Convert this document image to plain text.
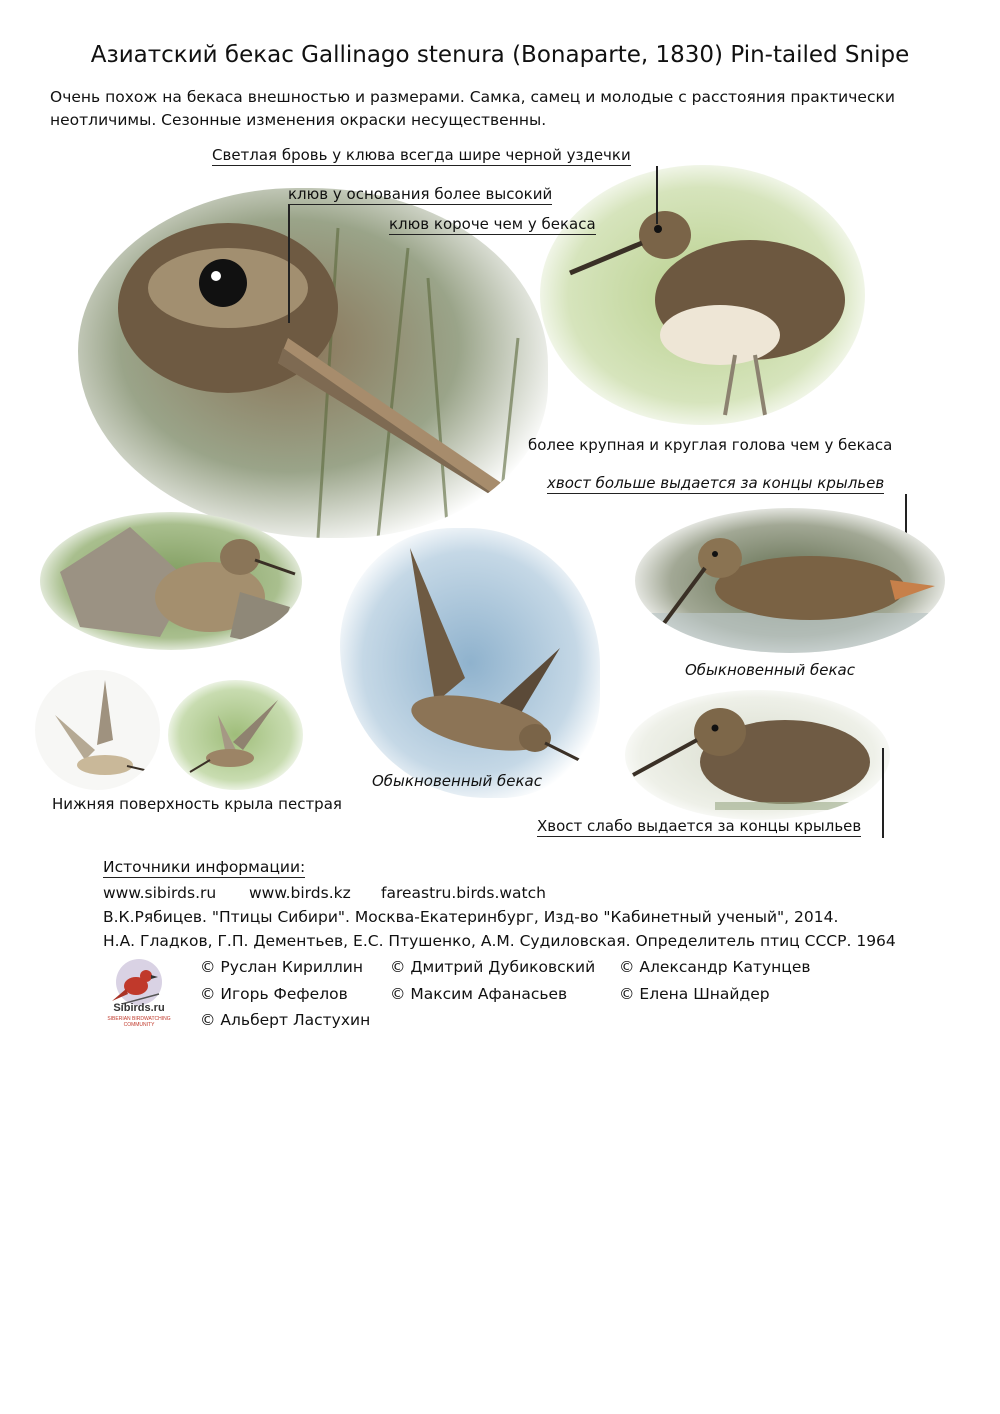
Азиатский бекас Gallinago stenura (Bonaparte, 1830) Pin-tailed Snipe
Очень похож на бекаса внешностью и размерами. Самка, самец и молодые с расстояния практически неотличимы. Сезонные изменения окраски несущественны.
Светлая бровь у клюва всегда шире черной уздечки
клюв у основания более высокий
клюв короче чем у бекаса
более крупная и круглая голова чем у бекаса
хвост больше выдается за концы крыльев
Обыкновенный бекас
Обыкновенный бекас
Нижняя поверхность крыла пестрая
Хвост слабо выдается за концы крыльев
Источники информации:
www.sibirds.ru www.birds.kz fareastru.birds.watch
В.К.Рябицев. "Птицы Сибири". Москва-Екатеринбург, Изд-во "Кабинетный ученый", 2014.
Н.А. Гладков, Г.П. Дементьев, Е.С. Птушенко, А.М. Судиловская. Определитель птиц СССР. 1964
Sibirds.ru
SIBERIAN BIRDWATCHING COMMUNITY
© Руслан Кириллин © Дмитрий Дубиковский © Александр Катунцев
© Игорь Фефелов	© Максим Афанасьев	© Елена Шнайдер
© Альберт Ластухин
